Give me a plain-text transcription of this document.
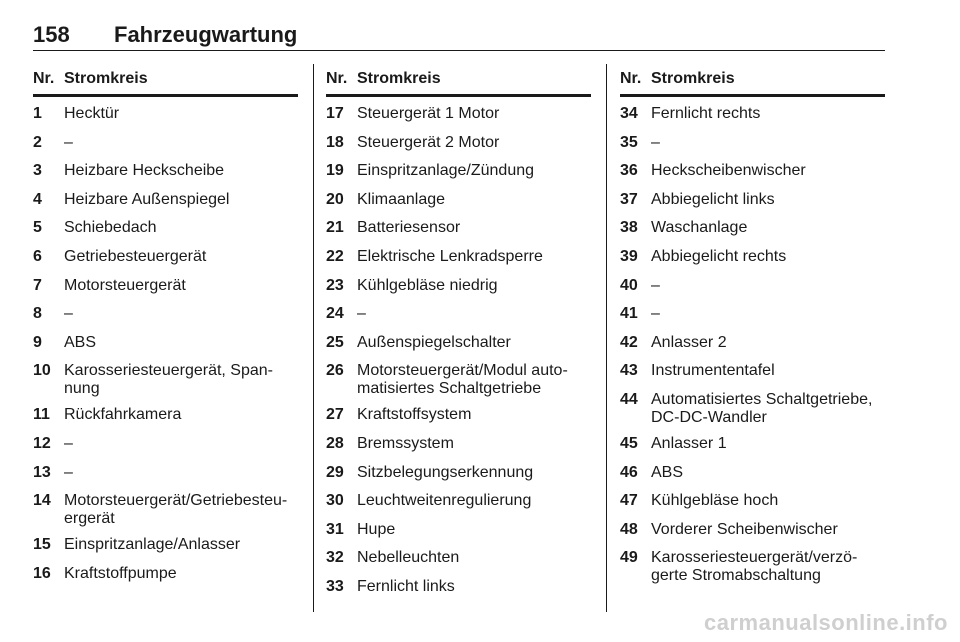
158 Fahrzeugwartung
Nr. Stromkreis
1	Hecktür
2	–
3	Heizbare Heckscheibe
4	Heizbare Außenspiegel
5	Schiebedach
6	Getriebesteuergerät
7	Motorsteuergerät
8	–
9	ABS
10 Karosseriesteuergerät, Span-
nung
11 Rückfahrkamera
12 –
13 –
14 Motorsteuergerät/Getriebesteu-
ergerät
15 Einspritzanlage/Anlasser
16 Kraftstoffpumpe
Nr. Stromkreis
17 Steuergerät 1 Motor
18 Steuergerät 2 Motor
19 Einspritzanlage/Zündung
20 Klimaanlage
21 Batteriesensor
22 Elektrische Lenkradsperre
23 Kühlgebläse niedrig
24 –
25 Außenspiegelschalter
26 Motorsteuergerät/Modul auto-
matisiertes Schaltgetriebe
27 Kraftstoffsystem
28 Bremssystem
29 Sitzbelegungserkennung
30 Leuchtweitenregulierung
31 Hupe
32 Nebelleuchten
33 Fernlicht links
Nr. Stromkreis
34 Fernlicht rechts
35 –
36 Heckscheibenwischer
37 Abbiegelicht links
38 Waschanlage
39 Abbiegelicht rechts
40 –
41 –
42 Anlasser 2
43 Instrumententafel
44 Automatisiertes Schaltgetriebe,
DC-DC-Wandler
45 Anlasser 1
46 ABS
47 Kühlgebläse hoch
48 Vorderer Scheibenwischer
49 Karosseriesteuergerät/verzö-
gerte Stromabschaltung
carmanualsonline.info
